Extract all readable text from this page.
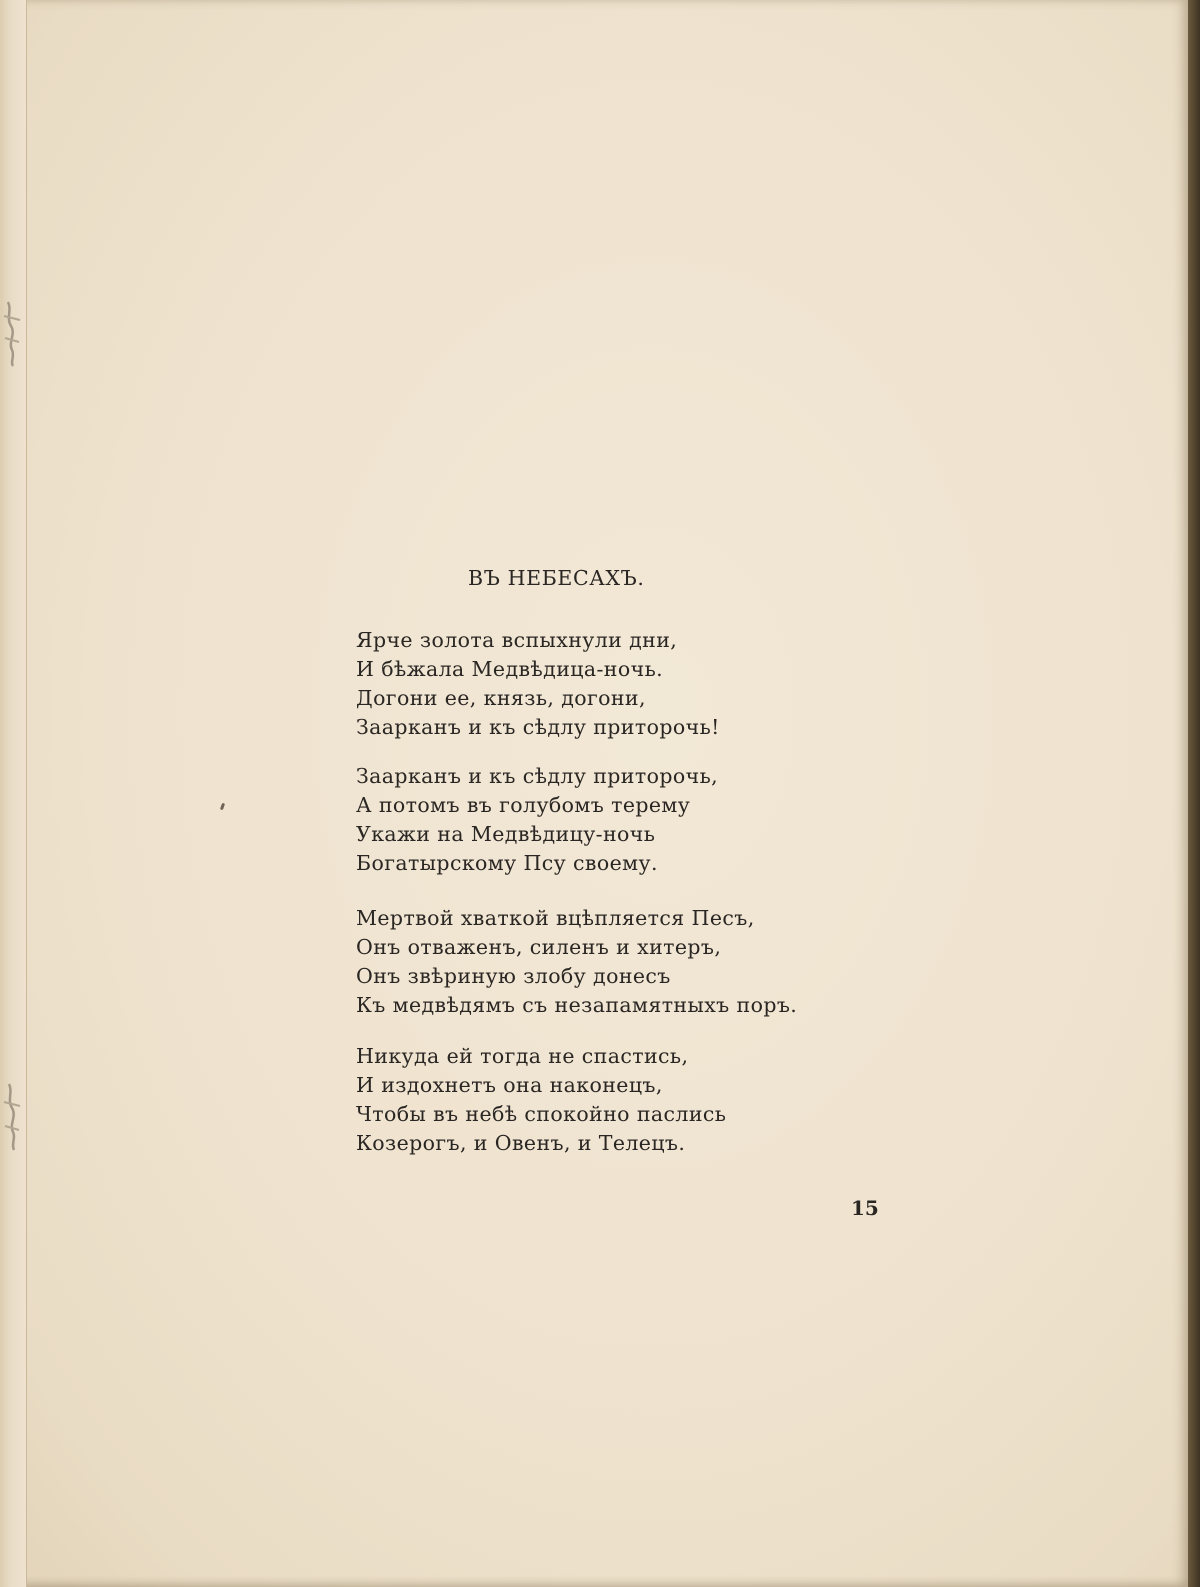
ВЪ НЕБЕСАХЪ.
Ярче золота вспыхнули дни,
И бѣжала Медвѣдица-ночь.
Догони ее, князь, догони,
Заарканъ и къ сѣдлу приторочь!
Заарканъ и къ сѣдлу приторочь,
А потомъ въ голубомъ терему
Укажи на Медвѣдицу-ночь
Богатырскому Псу своему.
Мертвой хваткой вцѣпляется Песъ,
Онъ отваженъ, силенъ и хитеръ,
Онъ звѣриную злобу донесъ
Къ медвѣдямъ съ незапамятныхъ поръ.
Никуда ей тогда не спастись,
И издохнетъ она наконецъ,
Чтобы въ небѣ спокойно паслись
Козерогъ, и Овенъ, и Телецъ.
15
